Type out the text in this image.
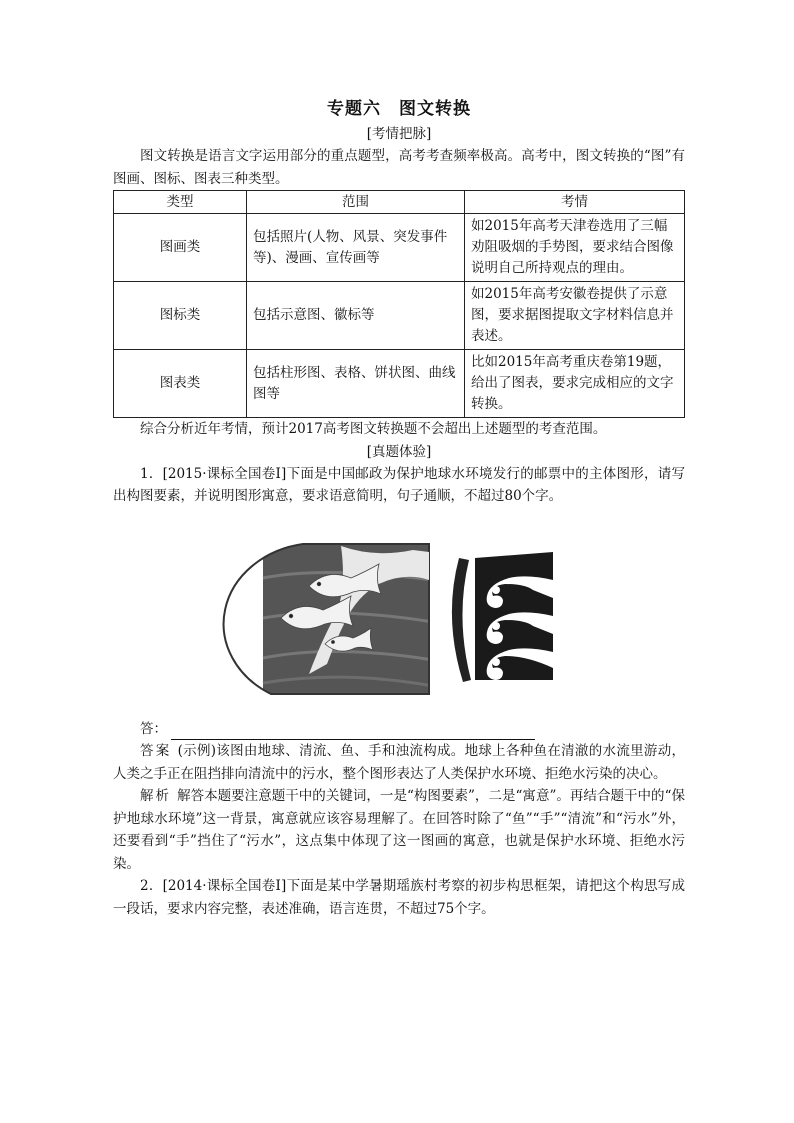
专题六　图文转换
[考情把脉]

图文转换是语言文字运用部分的重点题型，高考考查频率极高。高考中，图文转换的“图”有图画、图标、图表三种类型。

类型	范围	考情
图画类	包括照片(人物、风景、突发事件等)、漫画、宣传画等	如2015年高考天津卷选用了三幅劝阻吸烟的手势图，要求结合图像说明自己所持观点的理由。
图标类	包括示意图、徽标等	如2015年高考安徽卷提供了示意图，要求据图提取文字材料信息并表述。
图表类	包括柱形图、表格、饼状图、曲线图等	比如2015年高考重庆卷第19题，给出了图表，要求完成相应的文字转换。

综合分析近年考情，预计2017高考图文转换题不会超出上述题型的考查范围。

[真题体验]

1．[2015·课标全国卷Ⅰ]下面是中国邮政为保护地球水环境发行的邮票中的主体图形，请写出构图要素，并说明图形寓意，要求语意简明，句子通顺，不超过80个字。

答：

答案 (示例)该图由地球、清流、鱼、手和浊流构成。地球上各种鱼在清澈的水流里游动，人类之手正在阻挡排向清流中的污水，整个图形表达了人类保护水环境、拒绝水污染的决心。

解析 解答本题要注意题干中的关键词，一是“构图要素”，二是“寓意”。再结合题干中的“保护地球水环境”这一背景，寓意就应该容易理解了。在回答时除了“鱼”“手”“清流”和“污水”外，还要看到“手”挡住了“污水”，这点集中体现了这一图画的寓意，也就是保护水环境、拒绝水污染。

2．[2014·课标全国卷Ⅰ]下面是某中学暑期瑶族村考察的初步构思框架，请把这个构思写成一段话，要求内容完整，表述准确，语言连贯，不超过75个字。
